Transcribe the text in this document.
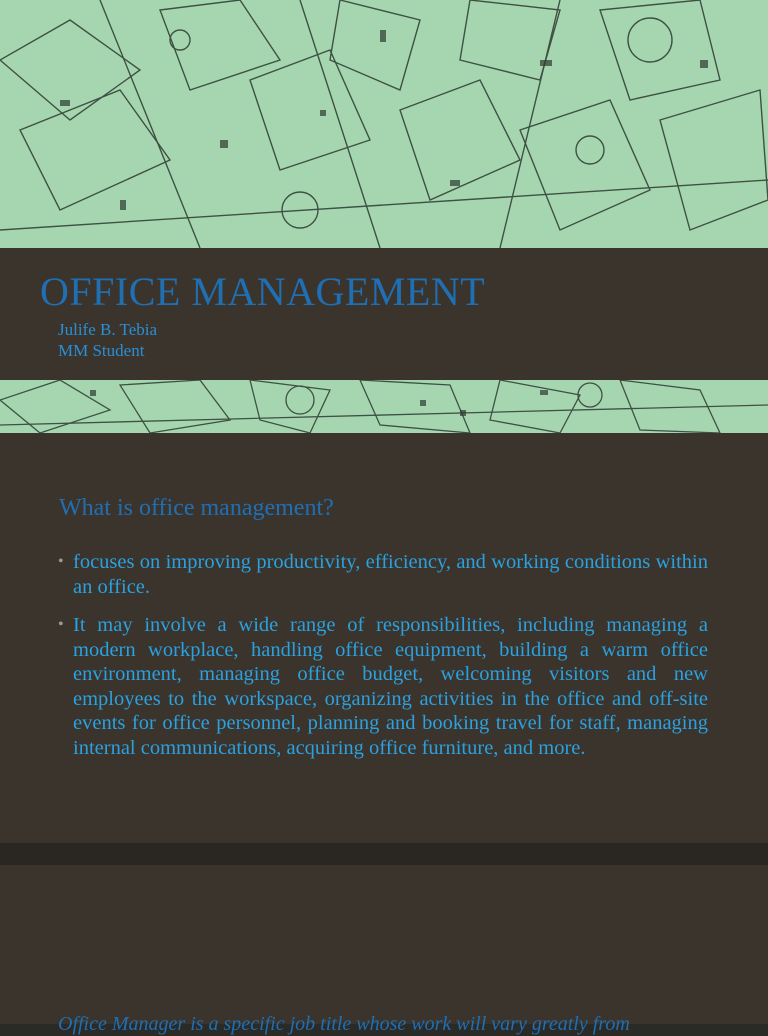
OFFICE MANAGEMENT
Julife B. Tebia
MM Student
What is office management?
• focuses on improving productivity, efficiency, and working conditions within an office.
• It may involve a wide range of responsibilities, including managing a modern workplace, handling office equipment, building a warm office environment, managing office budget, welcoming visitors and new employees to the workspace, organizing activities in the office and off-site events for office personnel, planning and booking travel for staff, managing internal communications, acquiring office furniture, and more.
Office Manager is a specific job title whose work will vary greatly from
